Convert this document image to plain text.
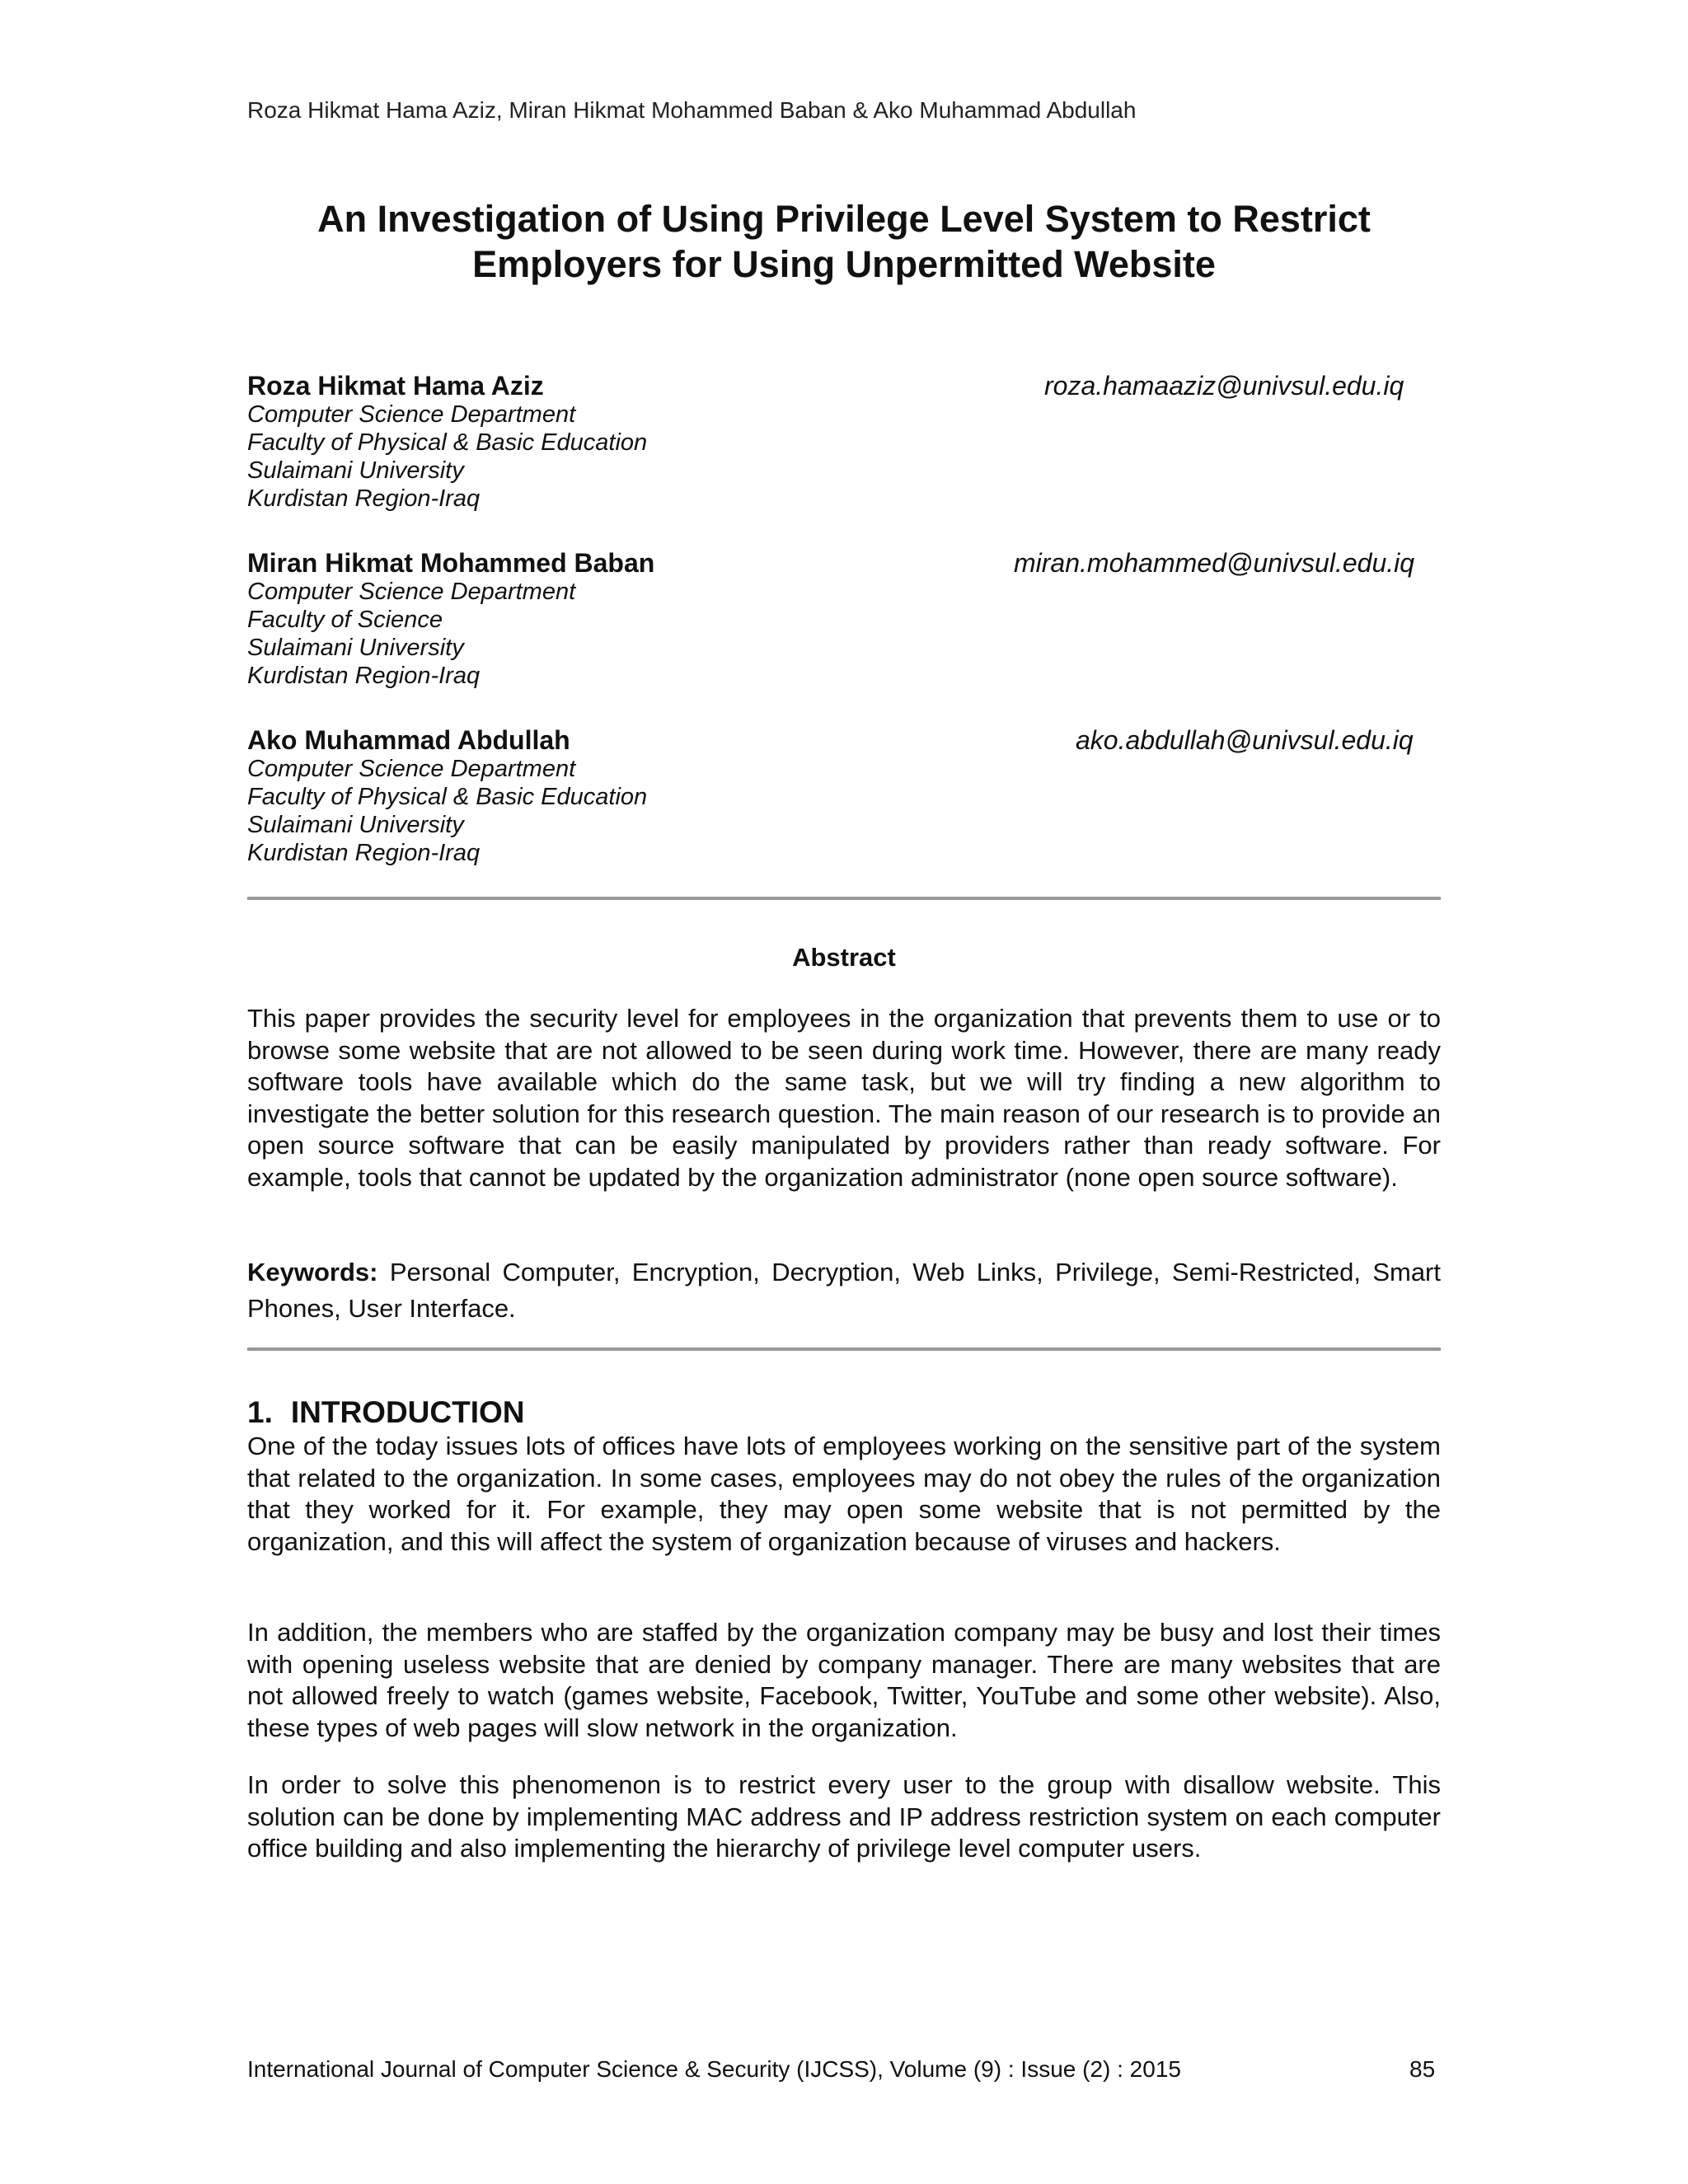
Roza Hikmat Hama Aziz, Miran Hikmat Mohammed Baban & Ako Muhammad Abdullah
An Investigation of Using Privilege Level System to Restrict
Employers for Using Unpermitted Website
Roza Hikmat Hama Aziz	roza.hamaaziz@univsul.edu.iq
Computer Science Department
Faculty of Physical & Basic Education
Sulaimani University
Kurdistan Region-Iraq
Miran Hikmat Mohammed Baban	miran.mohammed@univsul.edu.iq
Computer Science Department
Faculty of Science
Sulaimani University
Kurdistan Region-Iraq
Ako Muhammad Abdullah	ako.abdullah@univsul.edu.iq
Computer Science Department
Faculty of Physical & Basic Education
Sulaimani University
Kurdistan Region-Iraq
Abstract

This paper provides the security level for employees in the organization that prevents them to use or to browse some website that are not allowed to be seen during work time. However, there are many ready software tools have available which do the same task, but we will try finding a new algorithm to investigate the better solution for this research question. The main reason of our research is to provide an open source software that can be easily manipulated by providers rather than ready software. For example, tools that cannot be updated by the organization administrator (none open source software).

Keywords: Personal Computer, Encryption, Decryption, Web Links, Privilege, Semi-Restricted, Smart Phones, User Interface.

1. INTRODUCTION

One of the today issues lots of offices have lots of employees working on the sensitive part of the system that related to the organization. In some cases, employees may do not obey the rules of the organization that they worked for it. For example, they may open some website that is not permitted by the organization, and this will affect the system of organization because of viruses and hackers.

In addition, the members who are staffed by the organization company may be busy and lost their times with opening useless website that are denied by company manager. There are many websites that are not allowed freely to watch (games website, Facebook, Twitter, YouTube and some other website). Also, these types of web pages will slow network in the organization.

In order to solve this phenomenon is to restrict every user to the group with disallow website. This solution can be done by implementing MAC address and IP address restriction system on each computer office building and also implementing the hierarchy of privilege level computer users.

International Journal of Computer Science & Security (IJCSS), Volume (9) : Issue (2) : 2015	85
